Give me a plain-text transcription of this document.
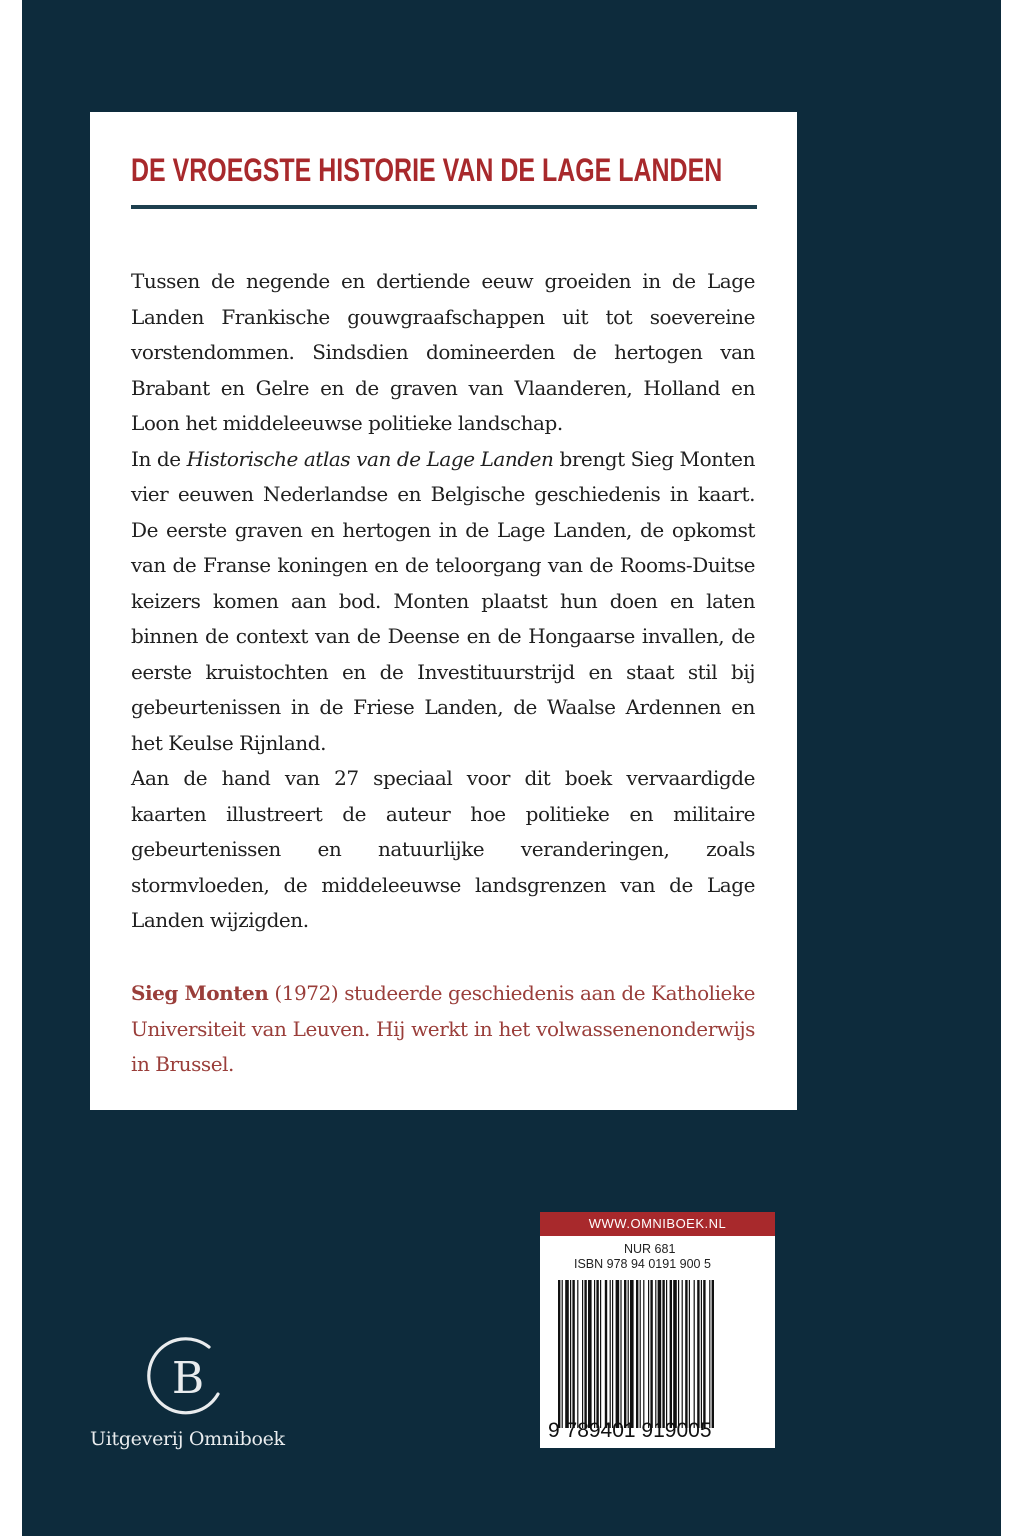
DE VROEGSTE HISTORIE VAN DE LAGE LANDEN

Tussen de negende en dertiende eeuw groeiden in de Lage Landen Frankische gouwgraafschappen uit tot soevereine vorstendommen. Sindsdien domineerden de hertogen van Brabant en Gelre en de graven van Vlaanderen, Holland en Loon het middeleeuwse politieke landschap.

In de Historische atlas van de Lage Landen brengt Sieg Monten vier eeuwen Nederlandse en Belgische geschiedenis in kaart. De eerste graven en hertogen in de Lage Landen, de opkomst van de Franse koningen en de teloorgang van de Rooms-Duitse keizers komen aan bod. Monten plaatst hun doen en laten binnen de context van de Deense en de Hongaarse invallen, de eerste kruistochten en de Investituurstrijd en staat stil bij gebeurtenissen in de Friese Landen, de Waalse Ardennen en het Keulse Rijnland.

Aan de hand van 27 speciaal voor dit boek vervaardigde kaarten illustreert de auteur hoe politieke en militaire gebeurtenissen en natuurlijke veranderingen, zoals stormvloeden, de middeleeuwse landsgrenzen van de Lage Landen wijzigden.

Sieg Monten (1972) studeerde geschiedenis aan de Katholieke Universiteit van Leuven. Hij werkt in het volwassenenonderwijs in Brussel.

B

Uitgeverij Omniboek

WWW.OMNIBOEK.NL
NUR 681
ISBN 978 94 0191 900 5
9 789401 919005
